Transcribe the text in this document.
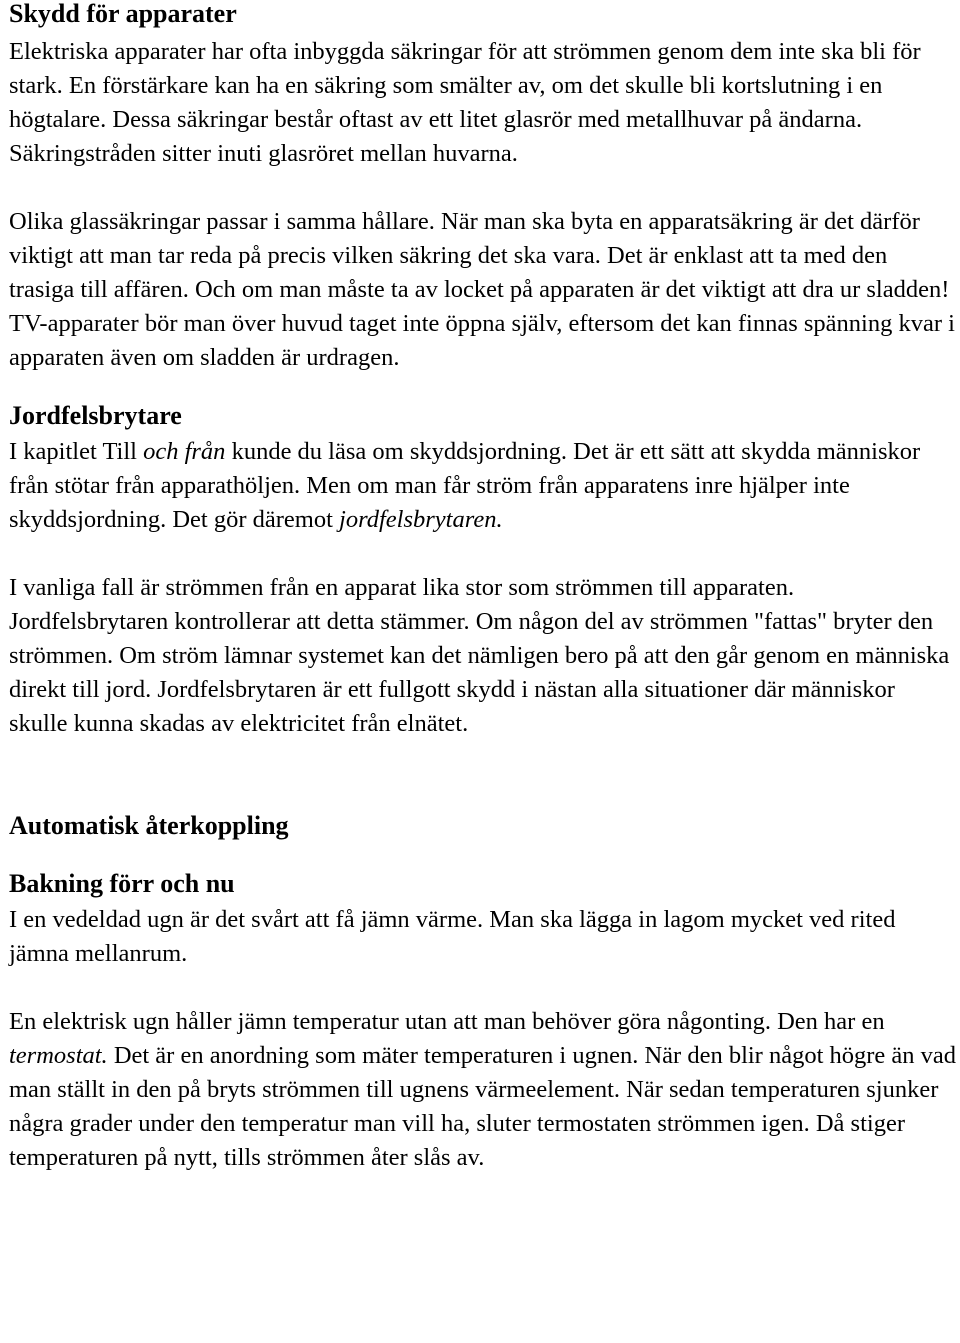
Skydd för apparater

Elektriska apparater har ofta inbyggda säkringar för att strömmen genom dem inte ska bli för stark. En förstärkare kan ha en säkring som smälter av, om det skulle bli kortslutning i en högtalare. Dessa säkringar består oftast av ett litet glasrör med metallhuvar på ändarna. Säkringstråden sitter inuti glasröret mellan huvarna.

Olika glassäkringar passar i samma hållare. När man ska byta en apparatsäkring är det därför viktigt att man tar reda på precis vilken säkring det ska vara. Det är enklast att ta med den trasiga till affären. Och om man måste ta av locket på apparaten är det viktigt att dra ur sladden! TV-apparater bör man över huvud taget inte öppna själv, eftersom det kan finnas spänning kvar i apparaten även om sladden är urdragen.

Jordfelsbrytare

I kapitlet Till och från kunde du läsa om skyddsjordning. Det är ett sätt att skydda människor från stötar från apparathöljen. Men om man får ström från apparatens inre hjälper inte skyddsjordning. Det gör däremot jordfelsbrytaren.

I vanliga fall är strömmen från en apparat lika stor som strömmen till apparaten. Jordfelsbrytaren kontrollerar att detta stämmer. Om någon del av strömmen "fattas" bryter den strömmen. Om ström lämnar systemet kan det nämligen bero på att den går genom en människa direkt till jord. Jordfelsbrytaren är ett fullgott skydd i nästan alla situationer där människor skulle kunna skadas av elektricitet från elnätet.

Automatisk återkoppling
Bakning förr och nu

I en vedeldad ugn är det svårt att få jämn värme. Man ska lägga in lagom mycket ved rited jämna mellanrum.

En elektrisk ugn håller jämn temperatur utan att man behöver göra någonting. Den har en termostat. Det är en anordning som mäter temperaturen i ugnen. När den blir något högre än vad man ställt in den på bryts strömmen till ugnens värmeelement. När sedan temperaturen sjunker några grader under den temperatur man vill ha, sluter termostaten strömmen igen. Då stiger temperaturen på nytt, tills strömmen åter slås av.
